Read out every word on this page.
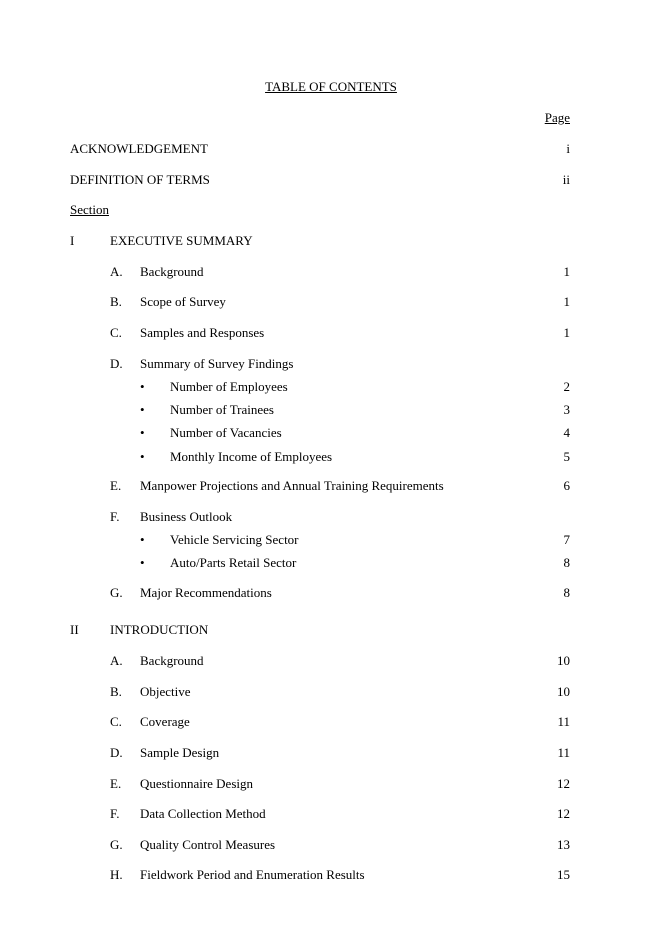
TABLE OF CONTENTS
Page
ACKNOWLEDGEMENT	i
DEFINITION OF TERMS	ii
Section
I	EXECUTIVE SUMMARY
A. Background	1
B. Scope of Survey	1
C. Samples and Responses	1
D. Summary of Survey Findings
• Number of Employees	2
• Number of Trainees	3
• Number of Vacancies	4
• Monthly Income of Employees	5
E. Manpower Projections and Annual Training Requirements	6
F. Business Outlook
• Vehicle Servicing Sector	7
• Auto/Parts Retail Sector	8
G. Major Recommendations	8
II INTRODUCTION
A. Background	10
B. Objective	10
C. Coverage	11
D. Sample Design	11
E. Questionnaire Design	12
F. Data Collection Method	12
G. Quality Control Measures	13
H. Fieldwork Period and Enumeration Results	15
